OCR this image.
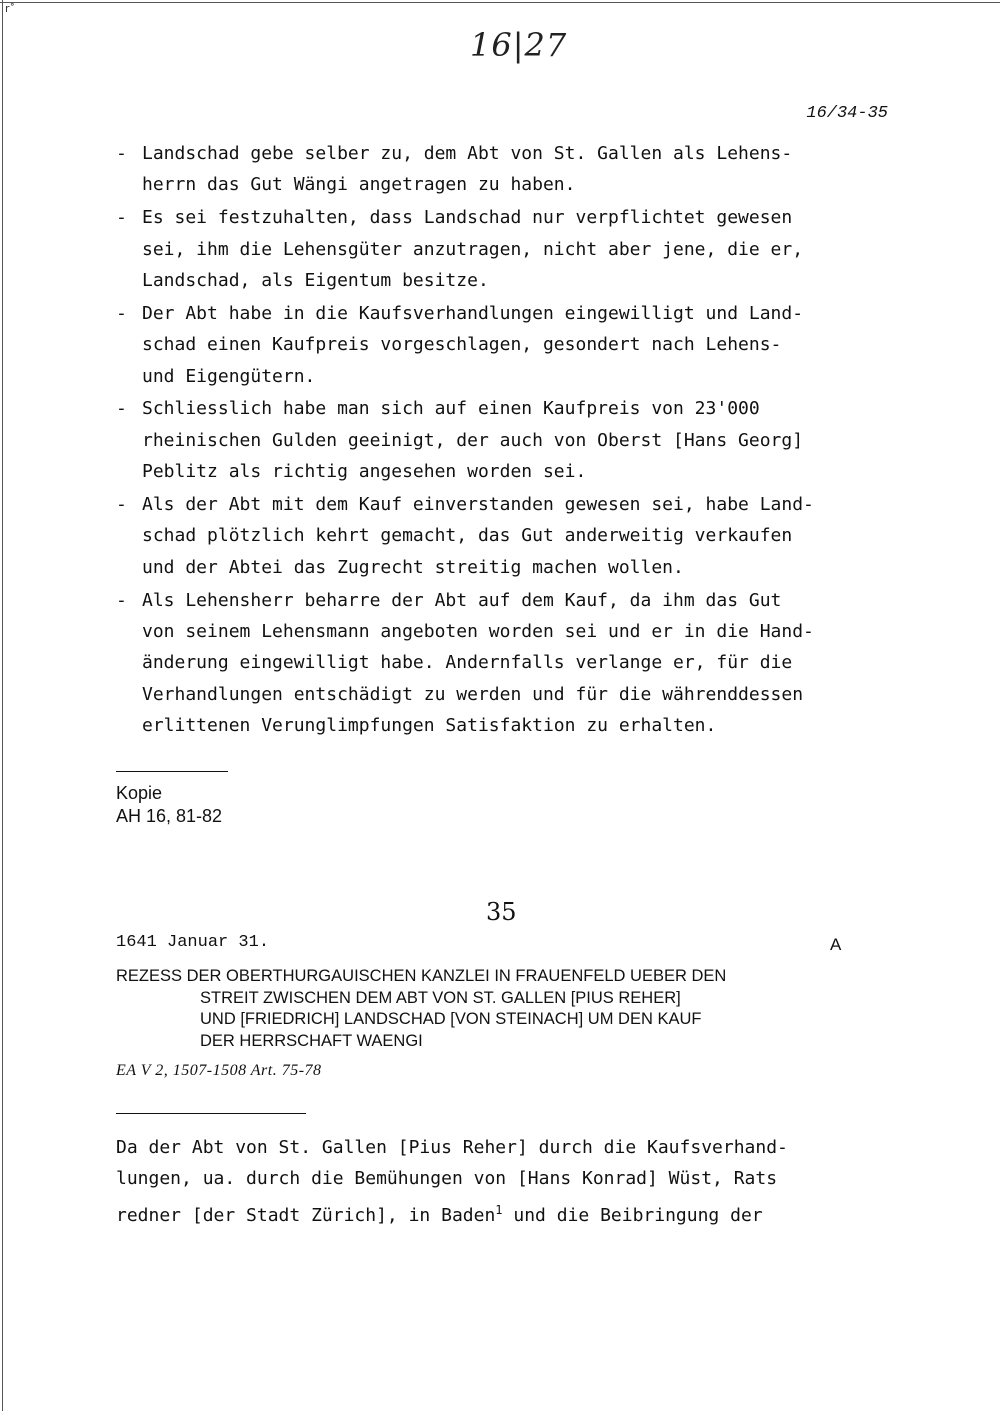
r˚
16|27
16/34-35
- Landschad gebe selber zu, dem Abt von St. Gallen als Lehens-
herrn das Gut Wängi angetragen zu haben.
- Es sei festzuhalten, dass Landschad nur verpflichtet gewesen
sei, ihm die Lehensgüter anzutragen, nicht aber jene, die er,
Landschad, als Eigentum besitze.
- Der Abt habe in die Kaufsverhandlungen eingewilligt und Land-
schad einen Kaufpreis vorgeschlagen, gesondert nach Lehens-
und Eigengütern.
- Schliesslich habe man sich auf einen Kaufpreis von 23'000
rheinischen Gulden geeinigt, der auch von Oberst [Hans Georg]
Peblitz als richtig angesehen worden sei.
- Als der Abt mit dem Kauf einverstanden gewesen sei, habe Land-
schad plötzlich kehrt gemacht, das Gut anderweitig verkaufen
und der Abtei das Zugrecht streitig machen wollen.
- Als Lehensherr beharre der Abt auf dem Kauf, da ihm das Gut
von seinem Lehensmann angeboten worden sei und er in die Hand-
änderung eingewilligt habe. Andernfalls verlange er, für die
Verhandlungen entschädigt zu werden und für die währenddessen
erlittenen Verunglimpfungen Satisfaktion zu erhalten.
Kopie
AH 16, 81-82
35
1641 Januar 31.	A
REZESS DER OBERTHURGAUISCHEN KANZLEI IN FRAUENFELD UEBER DEN
STREIT ZWISCHEN DEM ABT VON ST. GALLEN [PIUS REHER]
UND [FRIEDRICH] LANDSCHAD [VON STEINACH] UM DEN KAUF
DER HERRSCHAFT WAENGI
EA V 2, 1507-1508 Art. 75-78
Da der Abt von St. Gallen [Pius Reher] durch die Kaufsverhand-
lungen, ua. durch die Bemühungen von [Hans Konrad] Wüst, Rats
redner [der Stadt Zürich], in Baden$^1$ und die Beibringung der
